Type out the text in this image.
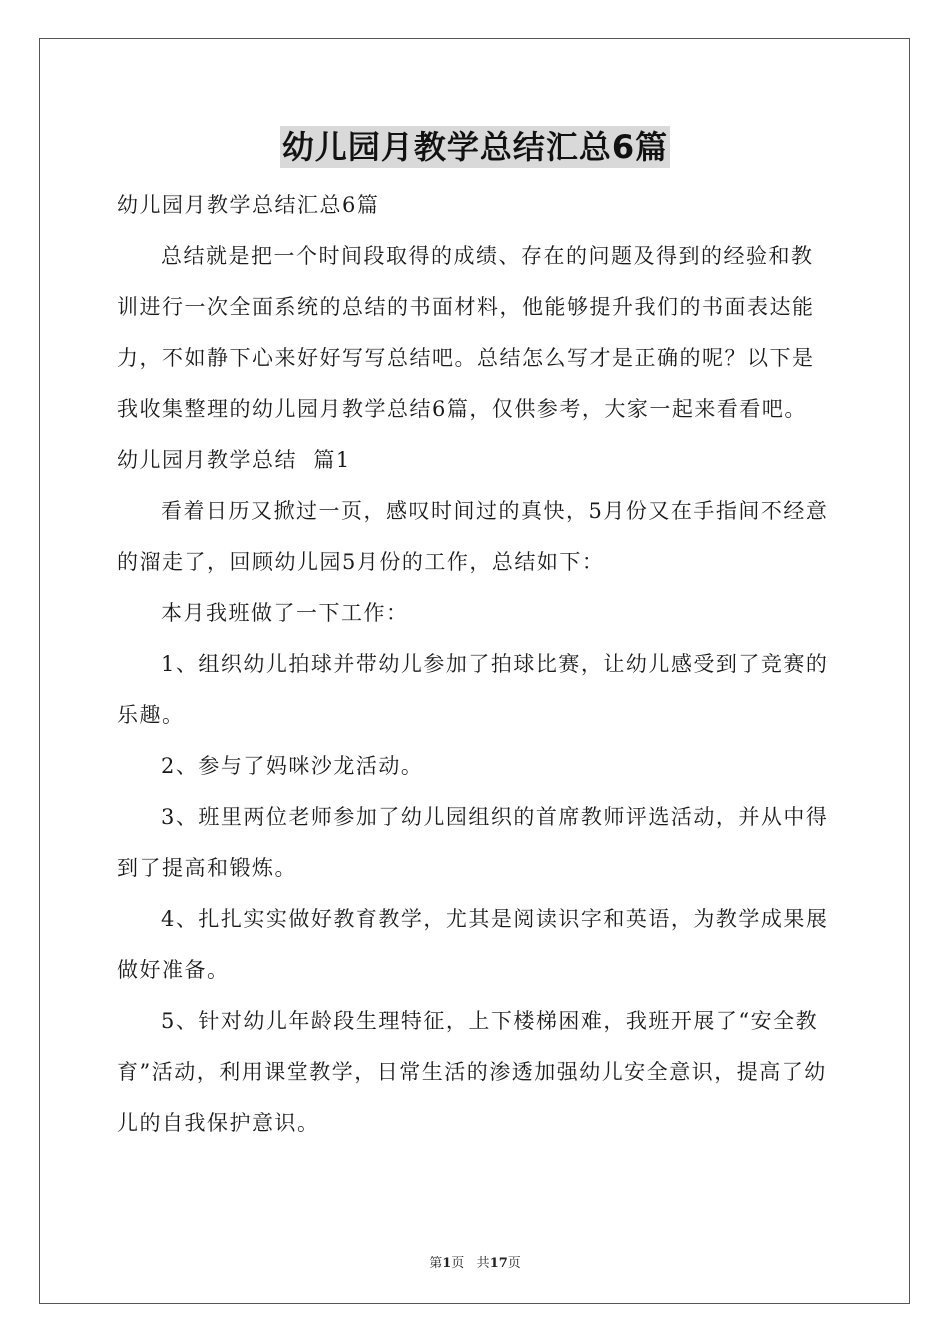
幼儿园月教学总结汇总6篇

幼儿园月教学总结汇总6篇

总结就是把一个时间段取得的成绩、存在的问题及得到的经验和教训进行一次全面系统的总结的书面材料，他能够提升我们的书面表达能力，不如静下心来好好写写总结吧。总结怎么写才是正确的呢？以下是我收集整理的幼儿园月教学总结6篇，仅供参考，大家一起来看看吧。

幼儿园月教学总结  篇1

看着日历又掀过一页，感叹时间过的真快，5月份又在手指间不经意的溜走了，回顾幼儿园5月份的工作，总结如下：

本月我班做了一下工作：

1、组织幼儿拍球并带幼儿参加了拍球比赛，让幼儿感受到了竞赛的乐趣。

2、参与了妈咪沙龙活动。

3、班里两位老师参加了幼儿园组织的首席教师评选活动，并从中得到了提高和锻炼。

4、扎扎实实做好教育教学，尤其是阅读识字和英语，为教学成果展做好准备。

5、针对幼儿年龄段生理特征，上下楼梯困难，我班开展了“安全教育”活动，利用课堂教学，日常生活的渗透加强幼儿安全意识，提高了幼儿的自我保护意识。

第1页 共17页
